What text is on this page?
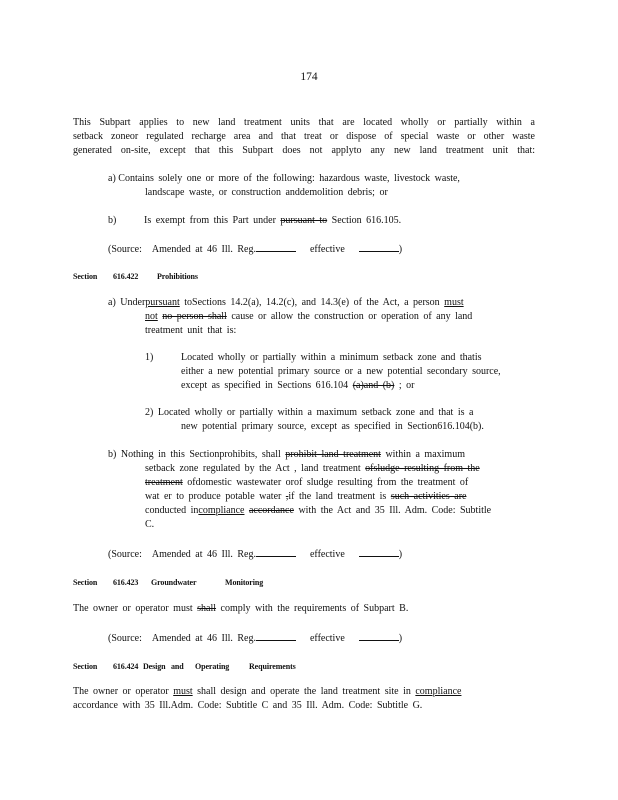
174
This Subpart applies to new land treatment units that are located wholly or partially within a
setback zoneor regulated recharge area and that treat or dispose of special waste or other waste
generated on-site, except that this Subpart does not applyto any new land treatment unit that:
a) Contains solely one or more of the following: hazardous waste, livestock waste,
landscape waste, or construction anddemolition debris; or
b)	Is exempt from this Part under pursuant to Section 616.105.
(Source: Amended at 46 Ill. Reg.	effective	)
Section 616.422 Prohibitions
a) Underpursuant toSections 14.2(a), 14.2(c), and 14.3(e) of the Act, a person must
not no person shall cause or allow the construction or operation of any land
treatment unit that is:
1)	Located wholly or partially within a minimum setback zone and thatis
either a new potential primary source or a new potential secondary source,
except as specified in Sections 616.104 (a)and (b) ; or
2) Located wholly or partially within a maximum setback zone and that is a
new potential primary source, except as specified in Section616.104(b).
b) Nothing in this Sectionprohibits, shall prohibit land treatment within a maximum
setback zone regulated by the Act , land treatment ofsludge resulting from the
treatment ofdomestic wastewater orof sludge resulting from the treatment of
wat er to produce potable water ,if the land treatment is such activities are
conducted incompliance accordance with the Act and 35 Ill. Adm. Code: Subtitle
C.
(Source: Amended at 46 Ill. Reg.	effective	)
Section 616.423 Groundwater	Monitoring
The owner or operator must shall comply with the requirements of Subpart B.
(Source: Amended at 46 Ill. Reg.	effective	)
Section 616.424 Design and Operating Requirements
The owner or operator must shall design and operate the land treatment site in compliance
accordance with 35 Ill.Adm. Code: Subtitle C and 35 Ill. Adm. Code: Subtitle G.
